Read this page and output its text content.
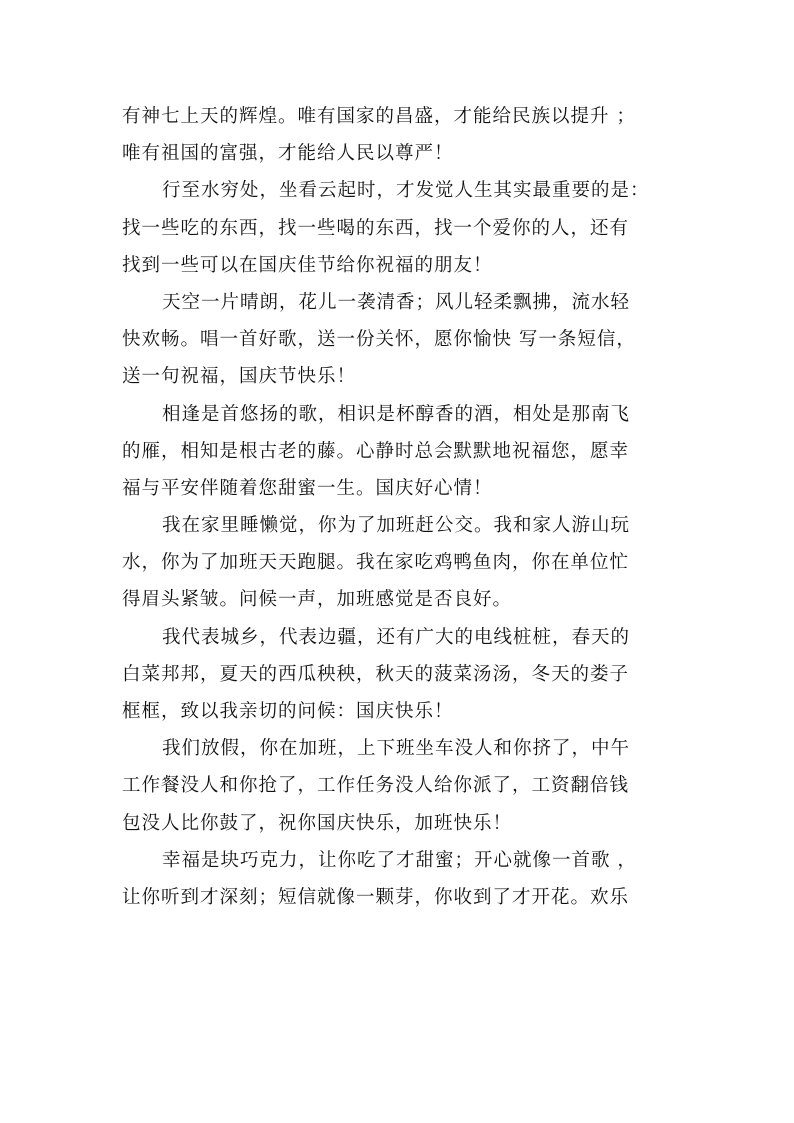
有神七上天的辉煌。唯有国家的昌盛，才能给民族以提升 ；
唯有祖国的富强，才能给人民以尊严！
行至水穷处，坐看云起时，才发觉人生其实最重要的是：
找一些吃的东西，找一些喝的东西，找一个爱你的人，还有
找到一些可以在国庆佳节给你祝福的朋友！
天空一片晴朗，花儿一袭清香；风儿轻柔飘拂，流水轻
快欢畅。唱一首好歌，送一份关怀，愿你愉快 写一条短信，
送一句祝福，国庆节快乐！
相逢是首悠扬的歌，相识是杯醇香的酒，相处是那南飞
的雁，相知是根古老的藤。心静时总会默默地祝福您，愿幸
福与平安伴随着您甜蜜一生。国庆好心情！
我在家里睡懒觉，你为了加班赶公交。我和家人游山玩
水，你为了加班天天跑腿。我在家吃鸡鸭鱼肉，你在单位忙
得眉头紧皱。问候一声，加班感觉是否良好。
我代表城乡，代表边疆，还有广大的电线桩桩，春天的
白菜邦邦，夏天的西瓜秧秧，秋天的菠菜汤汤，冬天的娄子
框框，致以我亲切的问候：国庆快乐！
我们放假，你在加班，上下班坐车没人和你挤了，中午
工作餐没人和你抢了，工作任务没人给你派了，工资翻倍钱
包没人比你鼓了，祝你国庆快乐，加班快乐！
幸福是块巧克力，让你吃了才甜蜜；开心就像一首歌 ，
让你听到才深刻；短信就像一颗芽，你收到了才开花。欢乐
